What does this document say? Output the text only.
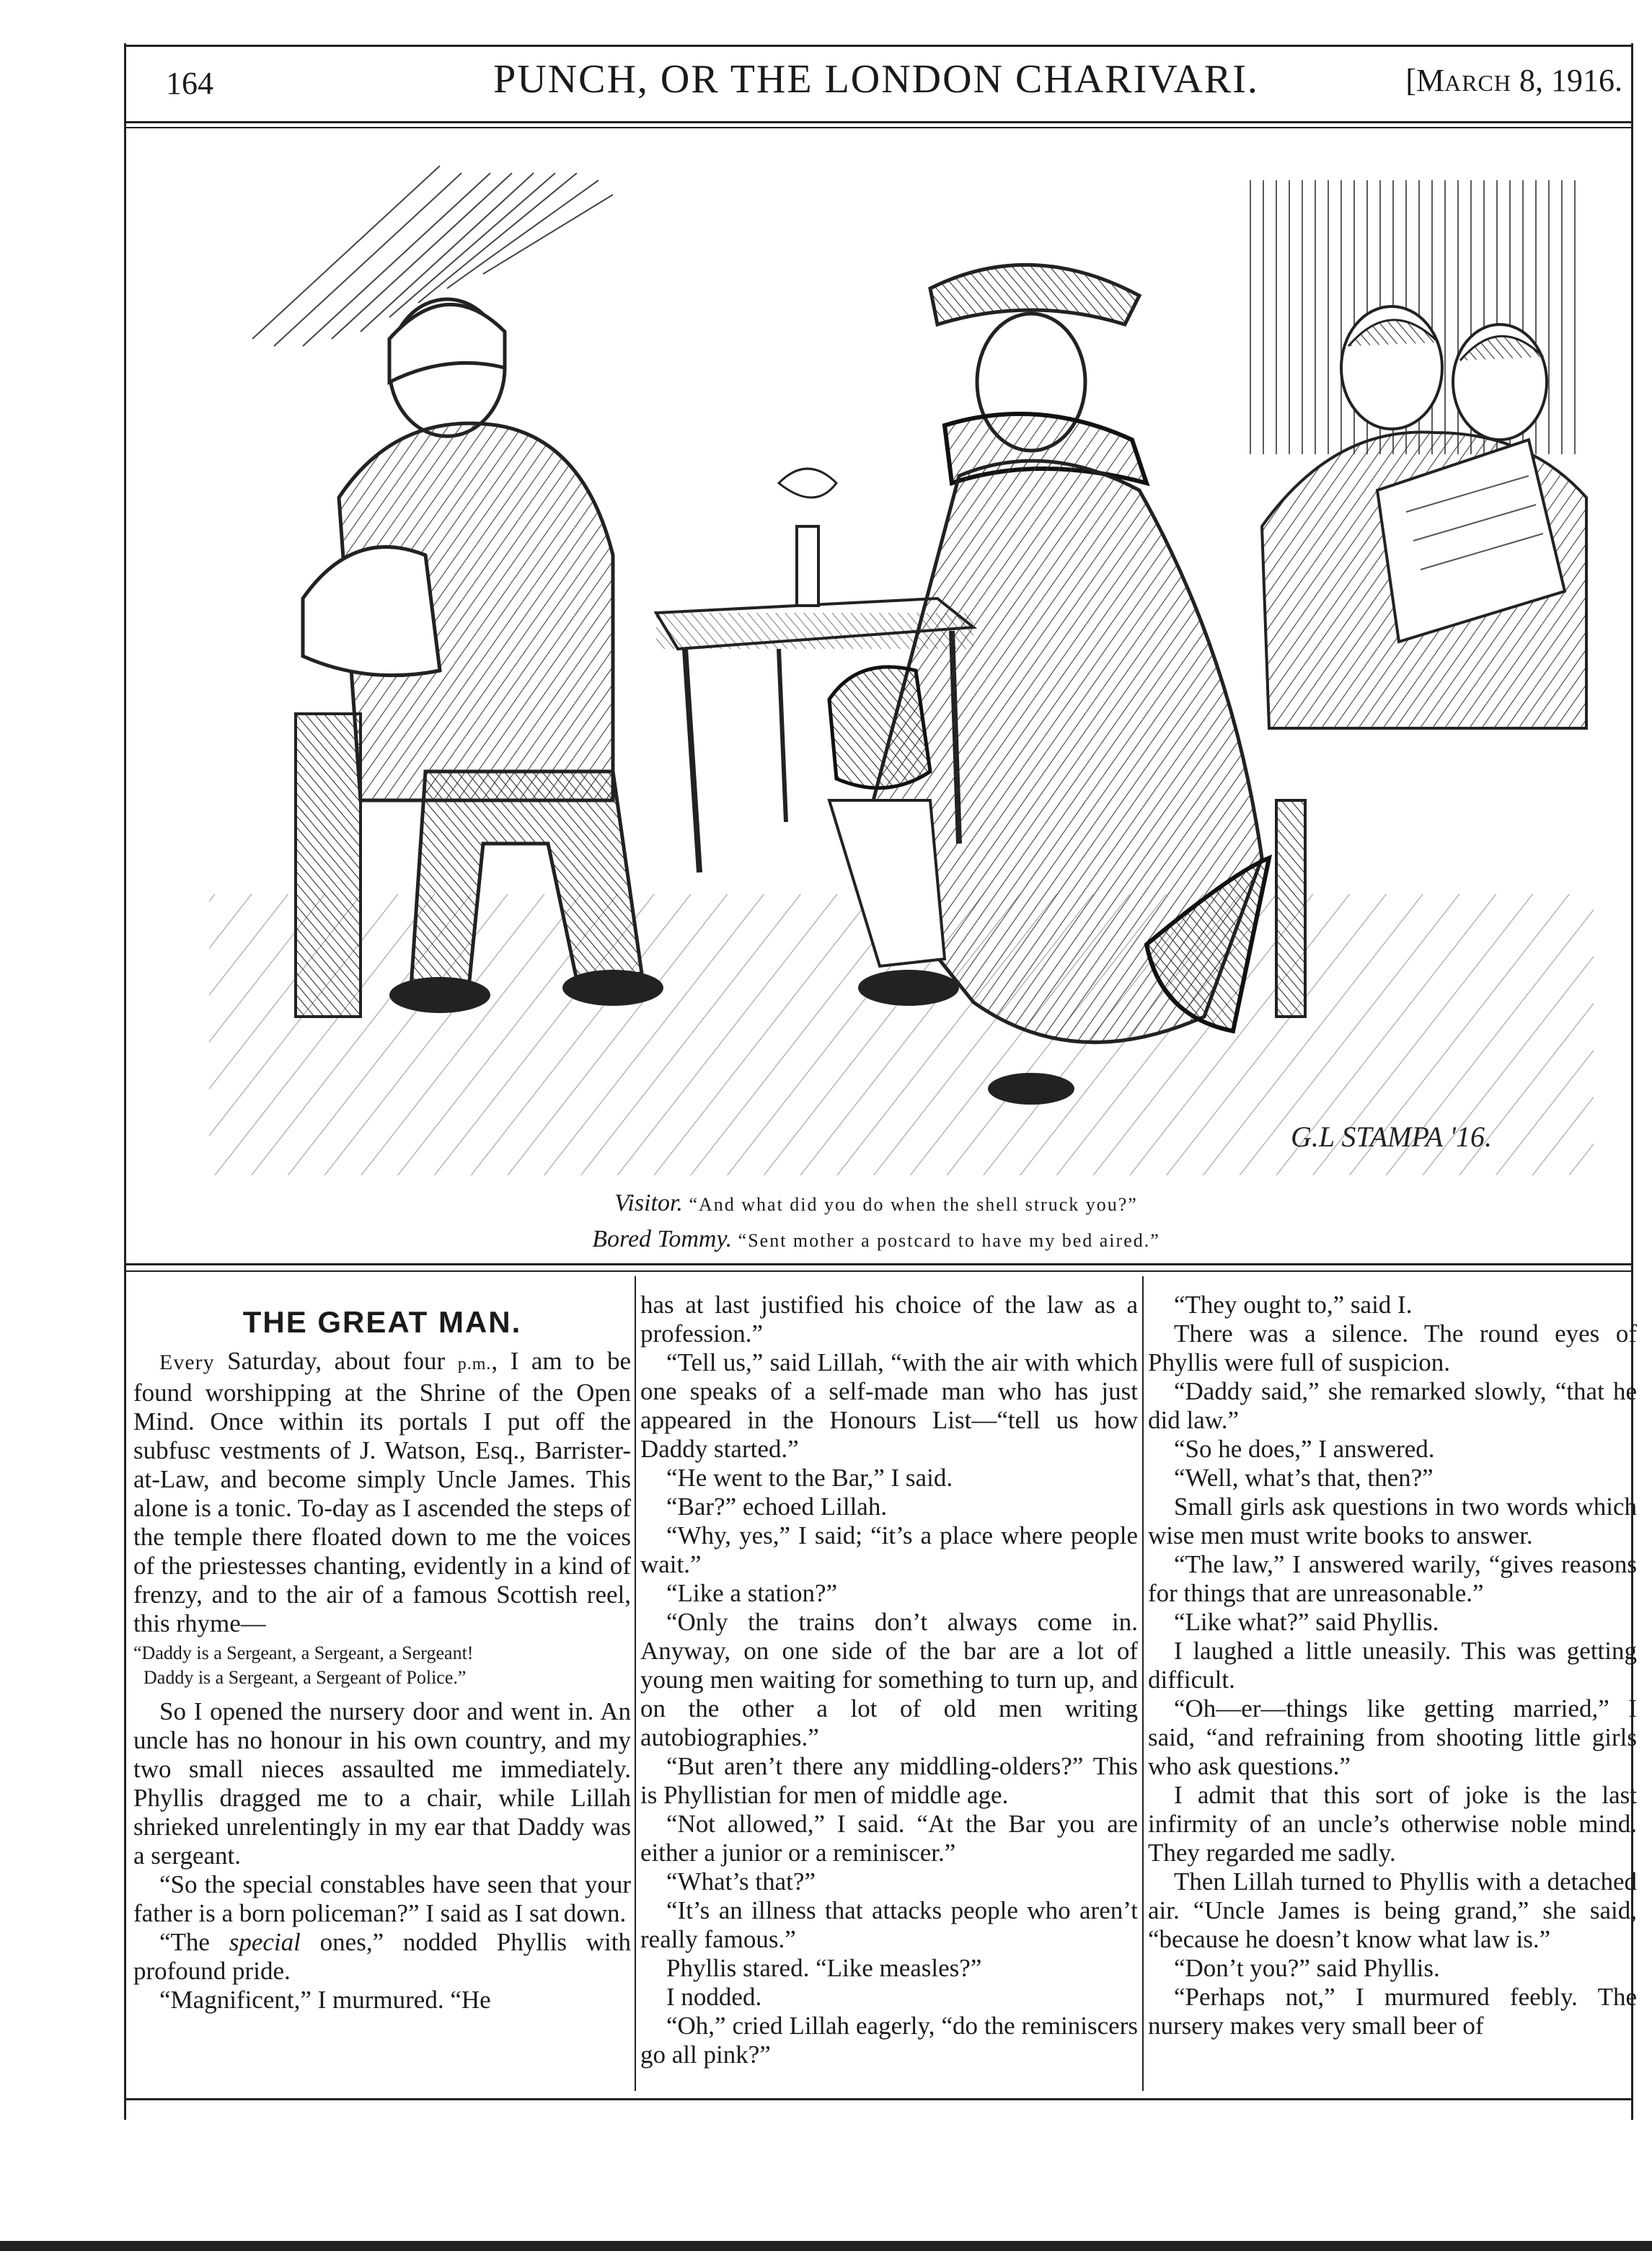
164	PUNCH, OR THE LONDON CHARIVARI.	[MARCH 8, 1916.
G.L STAMPA '16.
Visitor. “And what did you do when the shell struck you?”
Bored Tommy. “Sent mother a postcard to have my bed aired.”
THE GREAT MAN.

Every Saturday, about four p.m., I am to be found worshipping at the Shrine of the Open Mind. Once within its portals I put off the subfusc vestments of J. Watson, Esq., Barrister-at-Law, and become simply Uncle James. This alone is a tonic. To-day as I ascended the steps of the temple there floated down to me the voices of the priestesses chanting, evidently in a kind of frenzy, and to the air of a famous Scottish reel, this rhyme—

“Daddy is a Sergeant, a Sergeant, a Sergeant!
Daddy is a Sergeant, a Sergeant of Police.”

So I opened the nursery door and went in. An uncle has no honour in his own country, and my two small nieces assaulted me immediately. Phyllis dragged me to a chair, while Lillah shrieked unrelentingly in my ear that Daddy was a sergeant.

“So the special constables have seen that your father is a born policeman?” I said as I sat down.

“The special ones,” nodded Phyllis with profound pride.

“Magnificent,” I murmured. “He

has at last justified his choice of the law as a profession.”

“Tell us,” said Lillah, “with the air with which one speaks of a self-made man who has just appeared in the Honours List—“tell us how Daddy started.”

“He went to the Bar,” I said.

“Bar?” echoed Lillah.

“Why, yes,” I said; “it’s a place where people wait.”

“Like a station?”

“Only the trains don’t always come in. Anyway, on one side of the bar are a lot of young men waiting for something to turn up, and on the other a lot of old men writing autobiographies.”

“But aren’t there any middling-olders?” This is Phyllistian for men of middle age.

“Not allowed,” I said. “At the Bar you are either a junior or a reminiscer.”

“What’s that?”

“It’s an illness that attacks people who aren’t really famous.”

Phyllis stared. “Like measles?”

I nodded.

“Oh,” cried Lillah eagerly, “do the reminiscers go all pink?”

“They ought to,” said I.

There was a silence. The round eyes of Phyllis were full of suspicion.

“Daddy said,” she remarked slowly, “that he did law.”

“So he does,” I answered.

“Well, what’s that, then?”

Small girls ask questions in two words which wise men must write books to answer.

“The law,” I answered warily, “gives reasons for things that are unreasonable.”

“Like what?” said Phyllis.

I laughed a little uneasily. This was getting difficult.

“Oh—er—things like getting married,” I said, “and refraining from shooting little girls who ask questions.”

I admit that this sort of joke is the last infirmity of an uncle’s otherwise noble mind. They regarded me sadly.

Then Lillah turned to Phyllis with a detached air. “Uncle James is being grand,” she said, “because he doesn’t know what law is.”

“Don’t you?” said Phyllis.

“Perhaps not,” I murmured feebly. The nursery makes very small beer of
